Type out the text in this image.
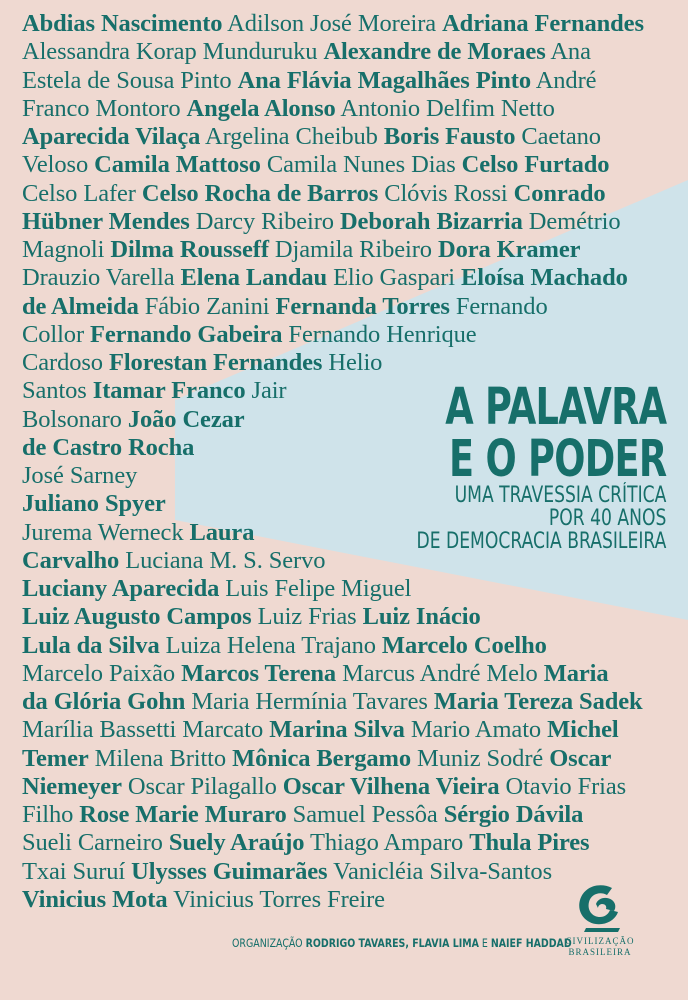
Abdias Nascimento Adilson José Moreira Adriana Fernandes
Alessandra Korap Munduruku Alexandre de Moraes Ana
Estela de Sousa Pinto Ana Flávia Magalhães Pinto André
Franco Montoro Angela Alonso Antonio Delfim Netto
Aparecida Vilaça Argelina Cheibub Boris Fausto Caetano
Veloso Camila Mattoso Camila Nunes Dias Celso Furtado
Celso Lafer Celso Rocha de Barros Clóvis Rossi Conrado
Hübner Mendes Darcy Ribeiro Deborah Bizarria Demétrio
Magnoli Dilma Rousseff Djamila Ribeiro Dora Kramer
Drauzio Varella Elena Landau Elio Gaspari Eloísa Machado
de Almeida Fábio Zanini Fernanda Torres Fernando
Collor Fernando Gabeira Fernando Henrique
Cardoso Florestan Fernandes Helio
Santos Itamar Franco Jair
Bolsonaro João Cezar
de Castro Rocha
José Sarney
Juliano Spyer
Jurema Werneck Laura
Carvalho Luciana M. S. Servo
Luciany Aparecida Luis Felipe Miguel
Luiz Augusto Campos Luiz Frias Luiz Inácio
Lula da Silva Luiza Helena Trajano Marcelo Coelho
Marcelo Paixão Marcos Terena Marcus André Melo Maria
da Glória Gohn Maria Hermínia Tavares Maria Tereza Sadek
Marília Bassetti Marcato Marina Silva Mario Amato Michel
Temer Milena Britto Mônica Bergamo Muniz Sodré Oscar
Niemeyer Oscar Pilagallo Oscar Vilhena Vieira Otavio Frias
Filho Rose Marie Muraro Samuel Pessôa Sérgio Dávila
Sueli Carneiro Suely Araújo Thiago Amparo Thula Pires
Txai Suruí Ulysses Guimarães Vanicléia Silva-Santos
Vinicius Mota Vinicius Torres Freire
A PALAVRA
E O PODER
UMA TRAVESSIA CRÍTICA
POR 40 ANOS
DE DEMOCRACIA BRASILEIRA
ORGANIZAÇÃO RODRIGO TAVARES, FLAVIA LIMA E NAIEF HADDAD
CIVILIZAÇÃO
BRASILEIRA
